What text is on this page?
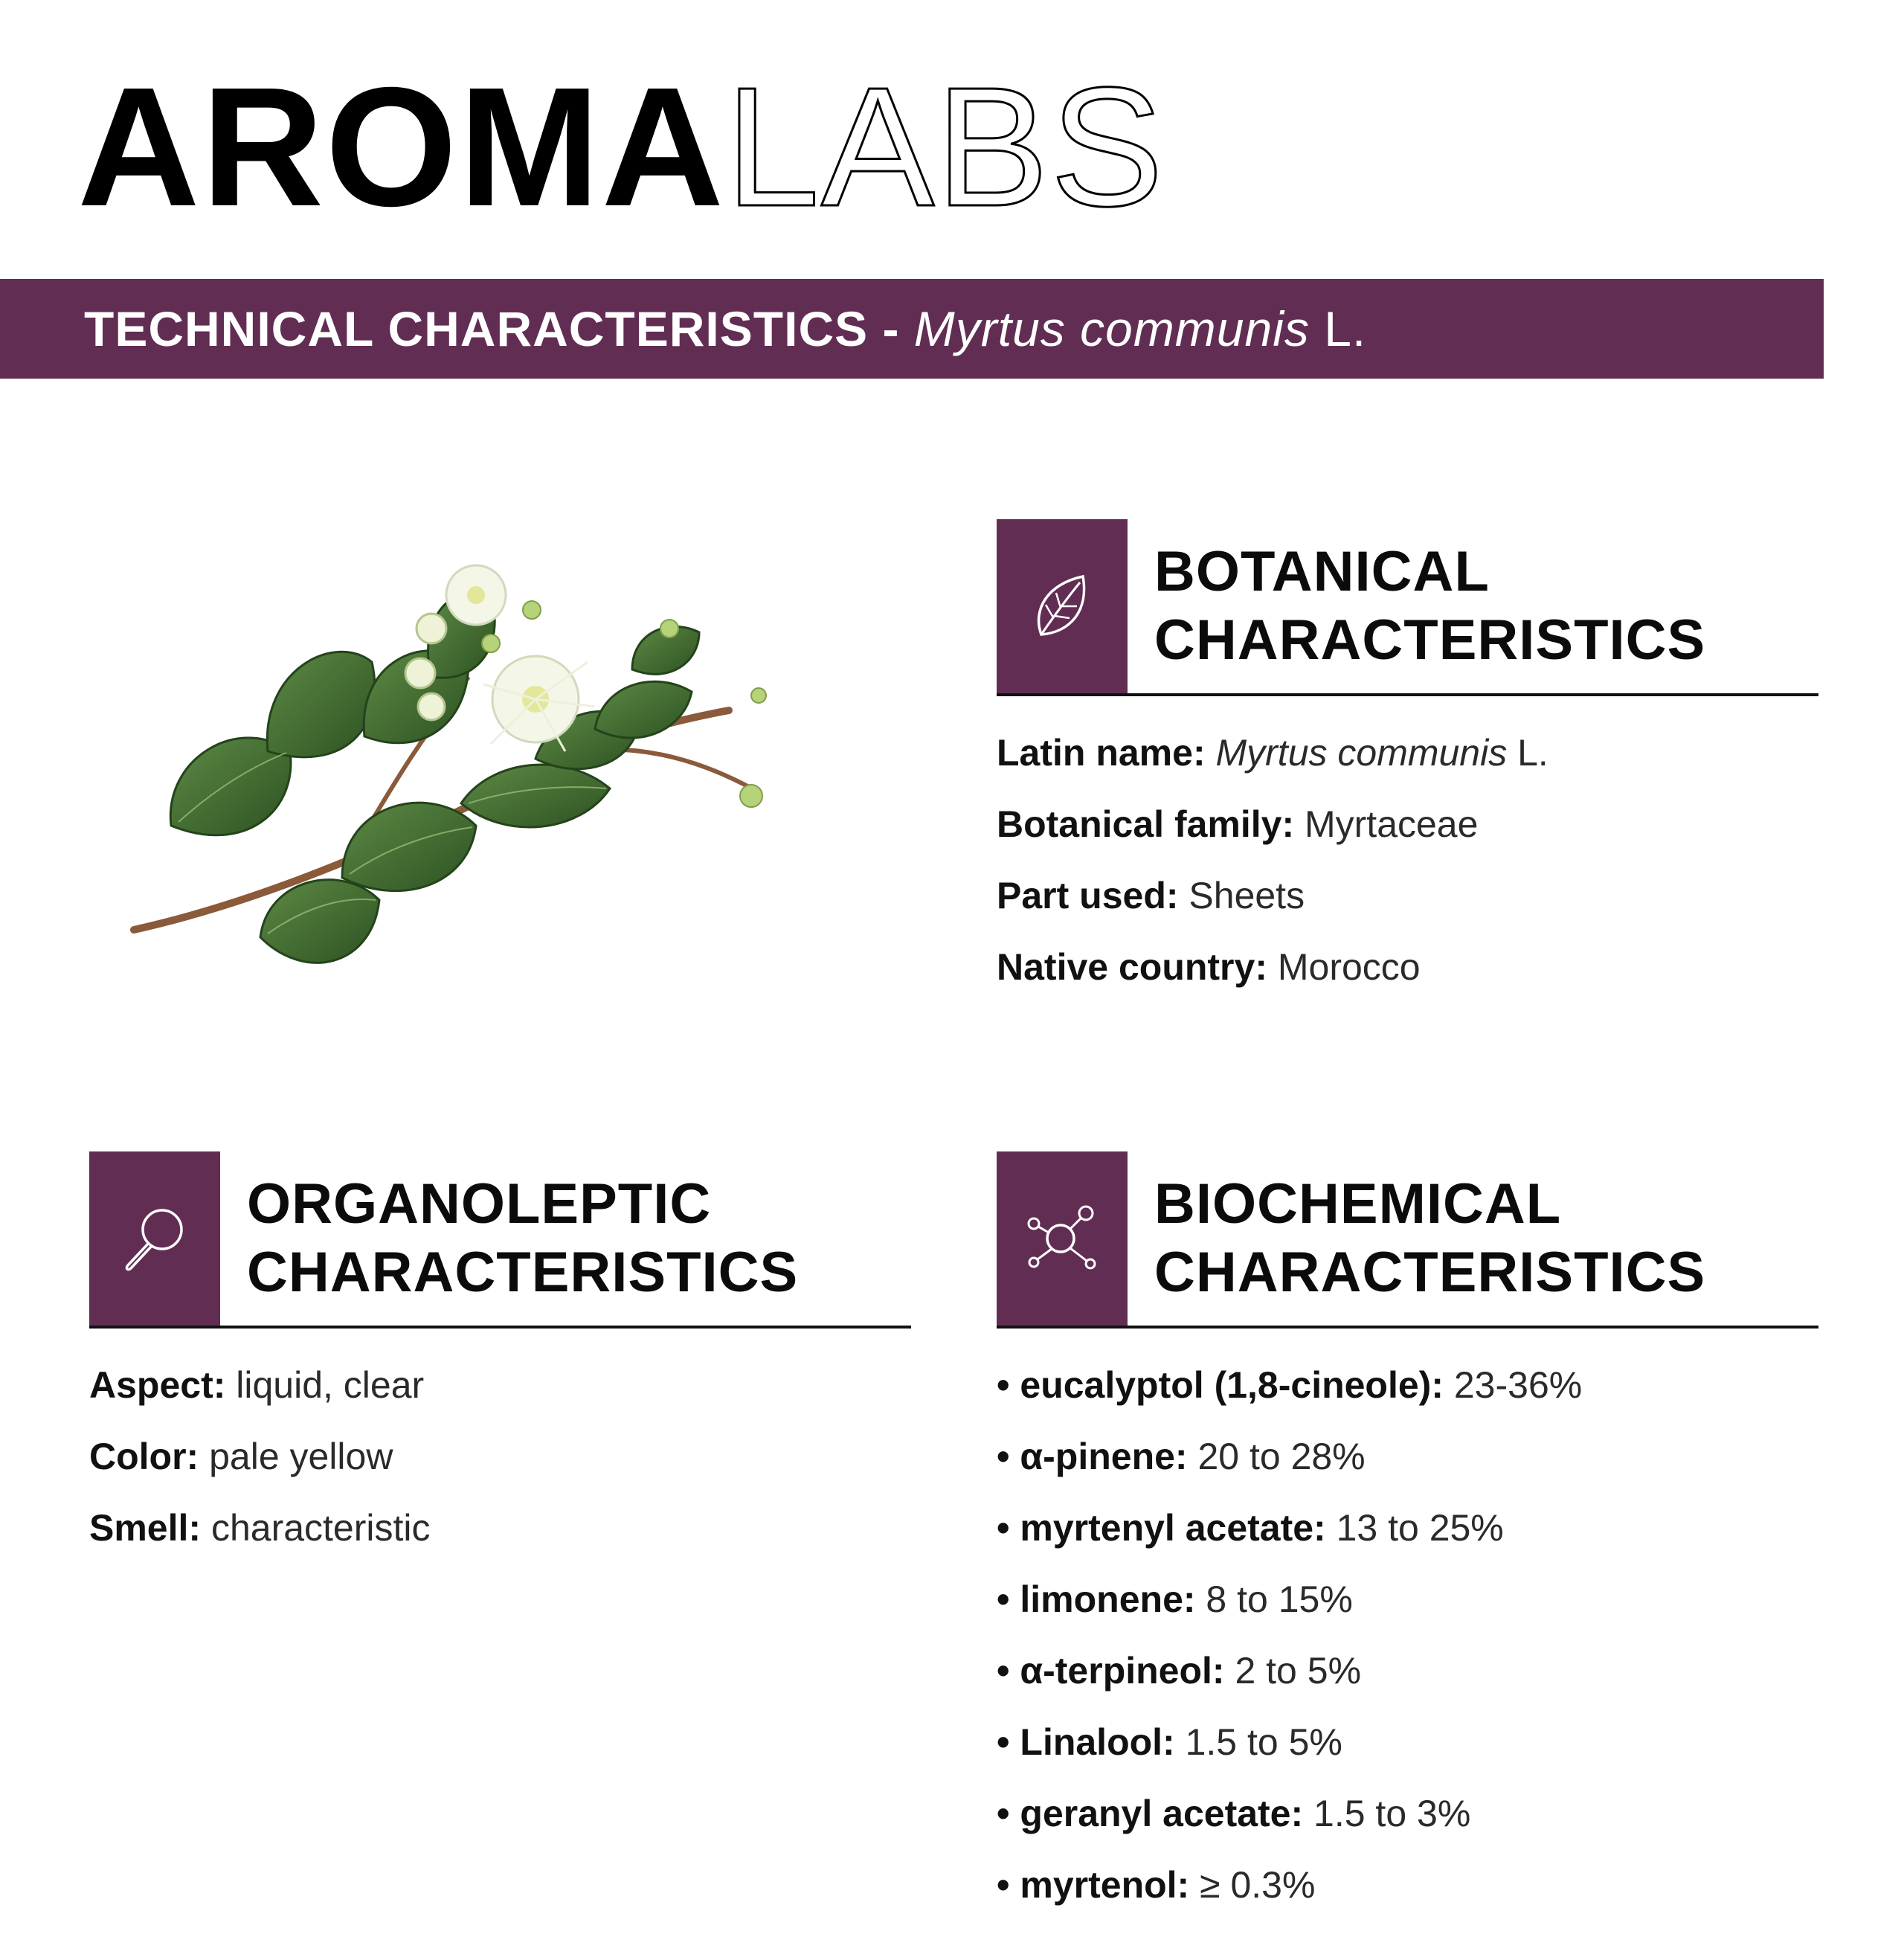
AROMALABS
TECHNICAL CHARACTERISTICS - Myrtus communis L.
BOTANICAL
CHARACTERISTICS
Latin name: Myrtus communis L.
Botanical family: Myrtaceae
Part used: Sheets
Native country: Morocco
ORGANOLEPTIC
CHARACTERISTICS
Aspect: liquid, clear
Color: pale yellow
Smell: characteristic
BIOCHEMICAL
CHARACTERISTICS
• eucalyptol (1,8-cineole): 23-36%
• α-pinene: 20 to 28%
• myrtenyl acetate: 13 to 25%
• limonene: 8 to 15%
• α-terpineol: 2 to 5%
• Linalool: 1.5 to 5%
• geranyl acetate: 1.5 to 3%
• myrtenol: ≥ 0.3%
